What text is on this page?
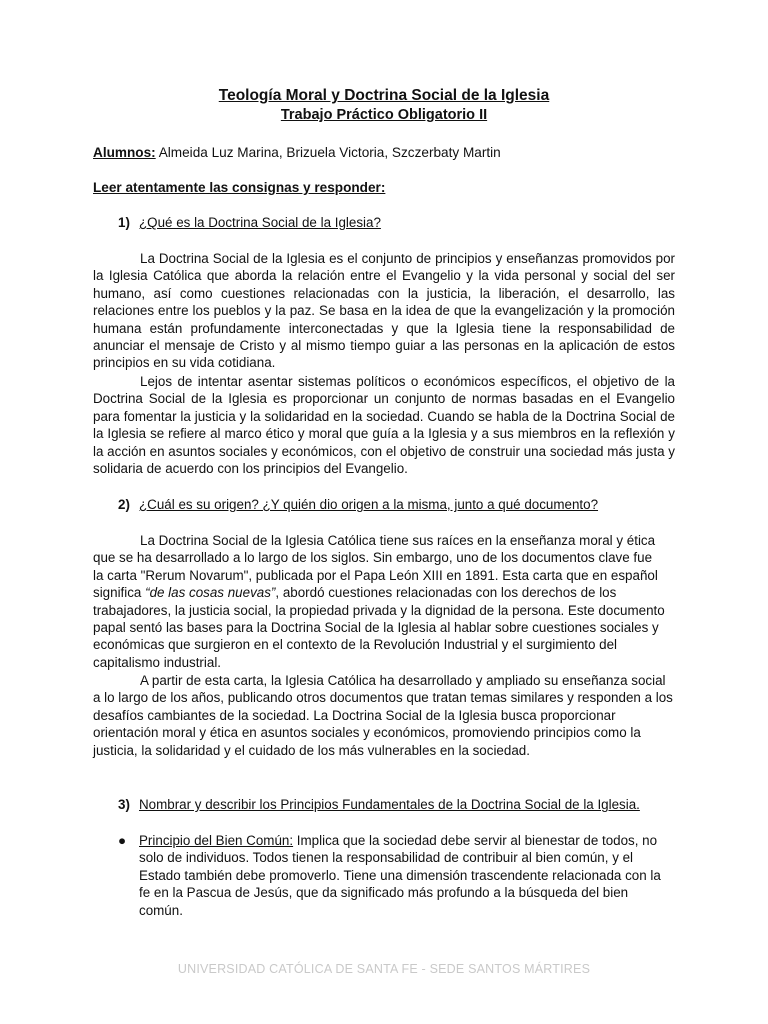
Teología Moral y Doctrina Social de la Iglesia
Trabajo Práctico Obligatorio II
Alumnos: Almeida Luz Marina, Brizuela Victoria, Szczerbaty Martin
Leer atentamente las consignas y responder:
1) ¿Qué es la Doctrina Social de la Iglesia?

La Doctrina Social de la Iglesia es el conjunto de principios y enseñanzas promovidos por la Iglesia Católica que aborda la relación entre el Evangelio y la vida personal y social del ser humano, así como cuestiones relacionadas con la justicia, la liberación, el desarrollo, las relaciones entre los pueblos y la paz. Se basa en la idea de que la evangelización y la promoción humana están profundamente interconectadas y que la Iglesia tiene la responsabilidad de anunciar el mensaje de Cristo y al mismo tiempo guiar a las personas en la aplicación de estos principios en su vida cotidiana.

Lejos de intentar asentar sistemas políticos o económicos específicos, el objetivo de la Doctrina Social de la Iglesia es proporcionar un conjunto de normas basadas en el Evangelio para fomentar la justicia y la solidaridad en la sociedad. Cuando se habla de la Doctrina Social de la Iglesia se refiere al marco ético y moral que guía a la Iglesia y a sus miembros en la reflexión y la acción en asuntos sociales y económicos, con el objetivo de construir una sociedad más justa y solidaria de acuerdo con los principios del Evangelio.

2) ¿Cuál es su origen? ¿Y quién dio origen a la misma, junto a qué documento?

La Doctrina Social de la Iglesia Católica tiene sus raíces en la enseñanza moral y ética que se ha desarrollado a lo largo de los siglos. Sin embargo, uno de los documentos clave fue la carta "Rerum Novarum", publicada por el Papa León XIII en 1891. Esta carta que en español significa “de las cosas nuevas”, abordó cuestiones relacionadas con los derechos de los trabajadores, la justicia social, la propiedad privada y la dignidad de la persona. Este documento papal sentó las bases para la Doctrina Social de la Iglesia al hablar sobre cuestiones sociales y económicas que surgieron en el contexto de la Revolución Industrial y el surgimiento del capitalismo industrial.

A partir de esta carta, la Iglesia Católica ha desarrollado y ampliado su enseñanza social a lo largo de los años, publicando otros documentos que tratan temas similares y responden a los desafíos cambiantes de la sociedad. La Doctrina Social de la Iglesia busca proporcionar orientación moral y ética en asuntos sociales y económicos, promoviendo principios como la justicia, la solidaridad y el cuidado de los más vulnerables en la sociedad.

3) Nombrar y describir los Principios Fundamentales de la Doctrina Social de la Iglesia.
● Principio del Bien Común: Implica que la sociedad debe servir al bienestar de todos, no solo de individuos. Todos tienen la responsabilidad de contribuir al bien común, y el Estado también debe promoverlo. Tiene una dimensión trascendente relacionada con la fe en la Pascua de Jesús, que da significado más profundo a la búsqueda del bien común.
UNIVERSIDAD CATÓLICA DE SANTA FE - SEDE SANTOS MÁRTIRES
